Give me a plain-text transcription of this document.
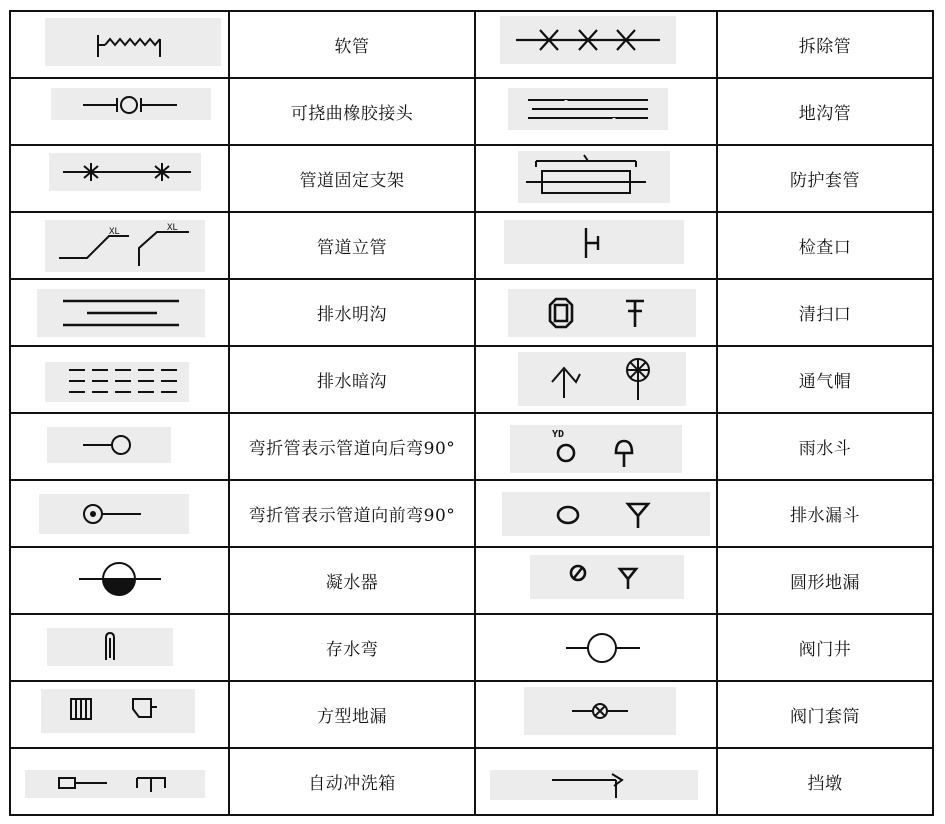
	软管		拆除管

	可挠曲橡胶接头		地沟管

	管道固定支架		防护套管

XL XL	管道立管		检查口

	排水明沟		清扫口

	排水暗沟		通气帽

	弯折管表示管道向后弯90°	YD	雨水斗

	弯折管表示管道向前弯90°		排水漏斗

	凝水器		圆形地漏

	存水弯		阀门井

	方型地漏		阀门套筒

	自动冲洗箱		挡墩
